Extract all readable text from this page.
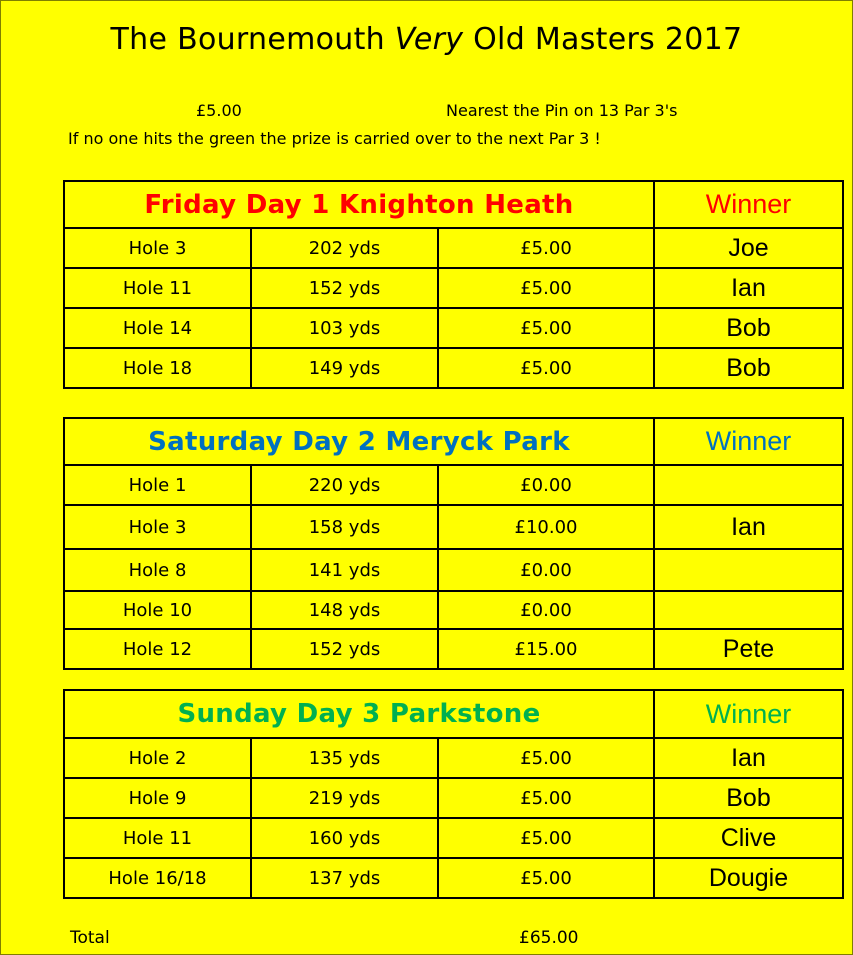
The Bournemouth Very Old Masters 2017
£5.00	Nearest the Pin on 13 Par 3's
If no one hits the green the prize is carried over to the next Par 3 !
Friday Day 1 Knighton Heath			Winner
Hole 3	202 yds	£5.00	Joe
Hole 11	152 yds	£5.00	Ian
Hole 14	103 yds	£5.00	Bob
Hole 18	149 yds	£5.00	Bob
Saturday Day 2 Meryck Park			Winner
Hole 1	220 yds	£0.00	
Hole 3	158 yds	£10.00	Ian
Hole 8	141 yds	£0.00	
Hole 10	148 yds	£0.00	
Hole 12	152 yds	£15.00	Pete
Sunday Day 3 Parkstone			Winner
Hole 2	135 yds	£5.00	Ian
Hole 9	219 yds	£5.00	Bob
Hole 11	160 yds	£5.00	Clive
Hole 16/18	137 yds	£5.00	Dougie
Total	£65.00
